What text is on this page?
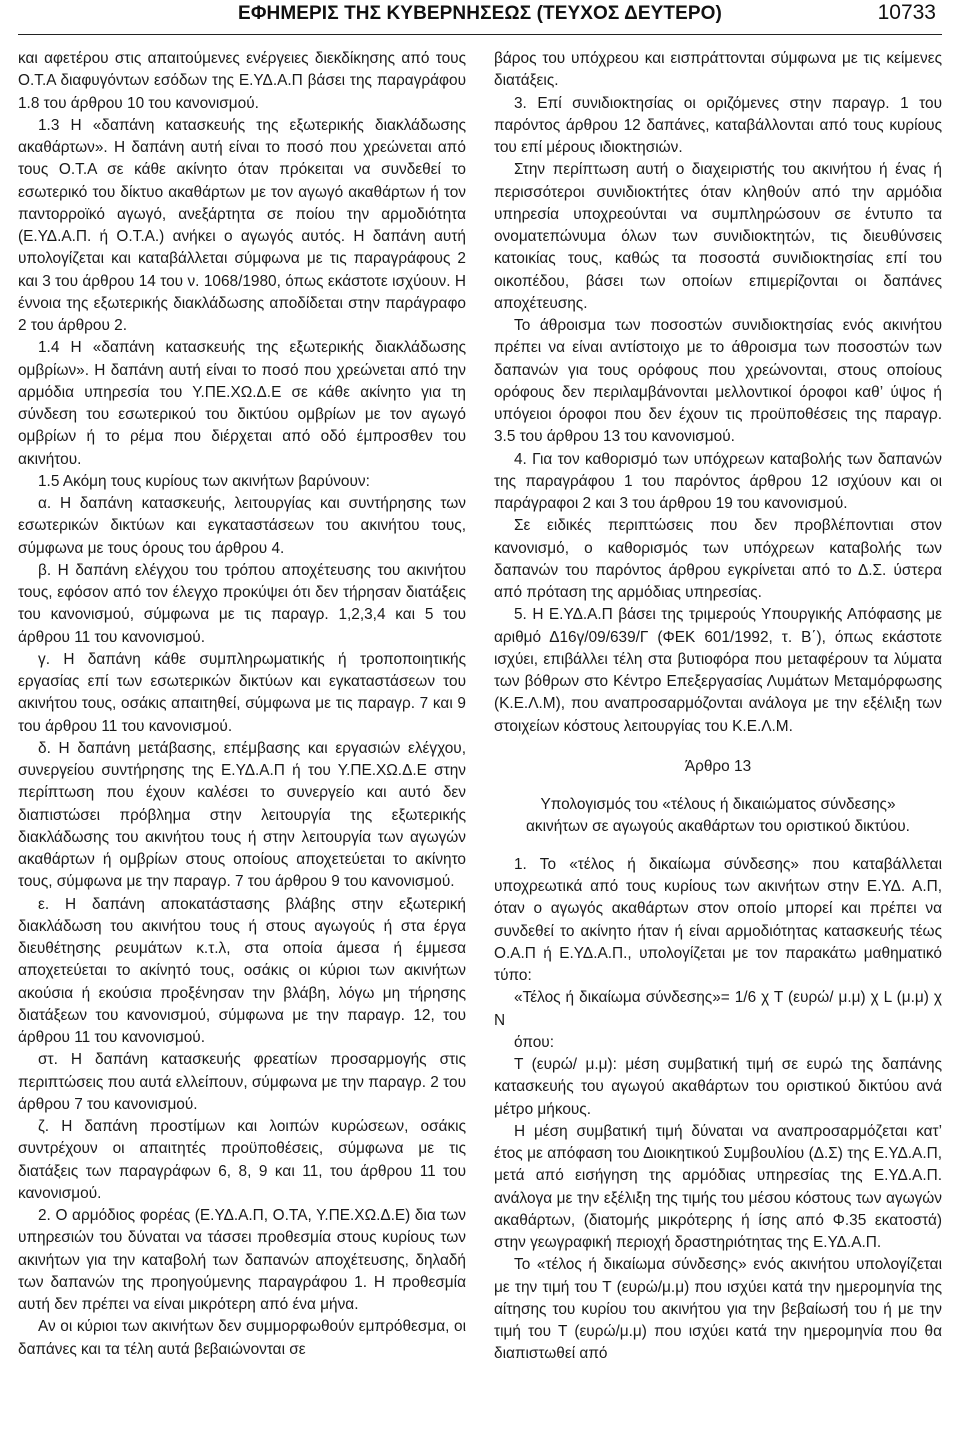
ΕΦΗΜΕΡΙΣ ΤΗΣ ΚΥΒΕΡΝΗΣΕΩΣ (ΤΕΥΧΟΣ ΔΕΥΤΕΡΟ)	10733

και αφετέρου στις απαιτούμενες ενέργειες διεκδίκησης από τους Ο.Τ.Α διαφυγόντων εσόδων της Ε.ΥΔ.Α.Π βάσει της παραγράφου 1.8 του άρθρου 10 του κανονισμού.

1.3 Η «δαπάνη κατασκευής της εξωτερικής διακλάδωσης ακαθάρτων». Η δαπάνη αυτή είναι το ποσό που χρεώνεται από τους Ο.Τ.Α σε κάθε ακίνητο όταν πρόκειται να συνδεθεί το εσωτερικό του δίκτυο ακαθάρτων με τον αγωγό ακαθάρτων ή τον παντορροϊκό αγωγό, ανεξάρτητα σε ποίου την αρμοδιότητα (Ε.ΥΔ.Α.Π. ή Ο.Τ.Α.) ανήκει ο αγωγός αυτός. Η δαπάνη αυτή υπολογίζεται και καταβάλλεται σύμφωνα με τις παραγράφους 2 και 3 του άρθρου 14 του ν. 1068/1980, όπως εκάστοτε ισχύουν. Η έννοια της εξωτερικής διακλάδωσης αποδίδεται στην παράγραφο 2 του άρθρου 2.

1.4 Η «δαπάνη κατασκευής της εξωτερικής διακλάδωσης ομβρίων». Η δαπάνη αυτή είναι το ποσό που χρεώνεται από την αρμόδια υπηρεσία του Υ.ΠΕ.ΧΩ.Δ.Ε σε κάθε ακίνητο για τη σύνδεση του εσωτερικού του δικτύου ομβρίων με τον αγωγό ομβρίων ή το ρέμα που διέρχεται από οδό έμπροσθεν του ακινήτου.

1.5 Ακόμη τους κυρίους των ακινήτων βαρύνουν:

α. Η δαπάνη κατασκευής, λειτουργίας και συντήρησης των εσωτερικών δικτύων και εγκαταστάσεων του ακινήτου τους, σύμφωνα με τους όρους του άρθρου 4.

β. Η δαπάνη ελέγχου του τρόπου αποχέτευσης του ακινήτου τους, εφόσον από τον έλεγχο προκύψει ότι δεν τήρησαν διατάξεις του κανονισμού, σύμφωνα με τις παραγρ. 1,2,3,4 και 5 του άρθρου 11 του κανονισμού.

γ. Η δαπάνη κάθε συμπληρωματικής ή τροποποιητικής εργασίας επί των εσωτερικών δικτύων και εγκαταστάσεων του ακινήτου τους, οσάκις απαιτηθεί, σύμφωνα με τις παραγρ. 7 και 9 του άρθρου 11 του κανονισμού.

δ. Η δαπάνη μετάβασης, επέμβασης και εργασιών ελέγχου, συνεργείου συντήρησης της Ε.ΥΔ.Α.Π ή του Υ.ΠΕ.ΧΩ.Δ.Ε στην περίπτωση που έχουν καλέσει το συνεργείο και αυτό δεν διαπιστώσει πρόβλημα στην λειτουργία της εξωτερικής διακλάδωσης του ακινήτου τους ή στην λειτουργία των αγωγών ακαθάρτων ή ομβρίων στους οποίους αποχετεύεται το ακίνητο τους, σύμφωνα με την παραγρ. 7 του άρθρου 9 του κανονισμού.

ε. Η δαπάνη αποκατάστασης βλάβης στην εξωτερική διακλάδωση του ακινήτου τους ή στους αγωγούς ή στα έργα διευθέτησης ρευμάτων κ.τ.λ, στα οποία άμεσα ή έμμεσα αποχετεύεται το ακίνητό τους, οσάκις οι κύριοι των ακινήτων ακούσια ή εκούσια προξένησαν την βλάβη, λόγω μη τήρησης διατάξεων του κανονισμού, σύμφωνα με την παραγρ. 12, του άρθρου 11 του κανονισμού.

στ. Η δαπάνη κατασκευής φρεατίων προσαρμογής στις περιπτώσεις που αυτά ελλείπουν, σύμφωνα με την παραγρ. 2 του άρθρου 7 του κανονισμού.

ζ. Η δαπάνη προστίμων και λοιπών κυρώσεων, οσάκις συντρέχουν οι απαιτητές προϋποθέσεις, σύμφωνα με τις διατάξεις των παραγράφων 6, 8, 9 και 11, του άρθρου 11 του κανονισμού.

2. Ο αρμόδιος φορέας (Ε.ΥΔ.Α.Π, Ο.ΤΑ, Υ.ΠΕ.ΧΩ.Δ.Ε) δια των υπηρεσιών του δύναται να τάσσει προθεσμία στους κυρίους των ακινήτων για την καταβολή των δαπανών αποχέτευσης, δηλαδή των δαπανών της προηγούμενης παραγράφου 1. Η προθεσμία αυτή δεν πρέπει να είναι μικρότερη από ένα μήνα.

Αν οι κύριοι των ακινήτων δεν συμμορφωθούν εμπρόθεσμα, οι δαπάνες και τα τέλη αυτά βεβαιώνονται σε

βάρος του υπόχρεου και εισπράττονται σύμφωνα με τις κείμενες διατάξεις.

3. Επί συνιδιοκτησίας οι οριζόμενες στην παραγρ. 1 του παρόντος άρθρου 12 δαπάνες, καταβάλλονται από τους κυρίους του επί μέρους ιδιοκτησιών.

Στην περίπτωση αυτή ο διαχειριστής του ακινήτου ή ένας ή περισσότεροι συνιδιοκτήτες όταν κληθούν από την αρμόδια υπηρεσία υποχρεούνται να συμπληρώσουν σε έντυπο τα ονοματεπώνυμα όλων των συνιδιοκτητών, τις διευθύνσεις κατοικίας τους, καθώς τα ποσοστά συνιδιοκτησίας επί του οικοπέδου, βάσει των οποίων επιμερίζονται οι δαπάνες αποχέτευσης.

Το άθροισμα των ποσοστών συνιδιοκτησίας ενός ακινήτου πρέπει να είναι αντίστοιχο με το άθροισμα των ποσοστών των δαπανών για τους ορόφους που χρεώνονται, στους οποίους ορόφους δεν περιλαμβάνονται μελλοντικοί όροφοι καθ’ ύψος ή υπόγειοι όροφοι που δεν έχουν τις προϋποθέσεις της παραγρ. 3.5 του άρθρου 13 του κανονισμού.

4. Για τον καθορισμό των υπόχρεων καταβολής των δαπανών της παραγράφου 1 του παρόντος άρθρου 12 ισχύουν και οι παράγραφοι 2 και 3 του άρθρου 19 του κανονισμού.

Σε ειδικές περιπτώσεις που δεν προβλέποντιαι στον κανονισμό, ο καθορισμός των υπόχρεων καταβολής των δαπανών του παρόντος άρθρου εγκρίνεται από το Δ.Σ. ύστερα από πρόταση της αρμόδιας υπηρεσίας.

5. Η Ε.ΥΔ.Α.Π βάσει της τριμερούς Υπουργικής Απόφασης με αριθμό Δ16γ/09/639/Γ (ΦΕΚ 601/1992, τ. Β΄), όπως εκάστοτε ισχύει, επιβάλλει τέλη στα βυτιοφόρα που μεταφέρουν τα λύματα των βόθρων στο Κέντρο Επεξεργασίας Λυμάτων Μεταμόρφωσης (Κ.Ε.Λ.Μ), που αναπροσαρμόζονται ανάλογα με την εξέλιξη των στοιχείων κόστους λειτουργίας του Κ.Ε.Λ.Μ.

Άρθρο 13
Υπολογισμός του «τέλους ή δικαιώματος σύνδεσης» ακινήτων σε αγωγούς ακαθάρτων του οριστικού δικτύου.

1. Το «τέλος ή δικαίωμα σύνδεσης» που καταβάλλεται υποχρεωτικά από τους κυρίους των ακινήτων στην Ε.ΥΔ. Α.Π, όταν ο αγωγός ακαθάρτων στον οποίο μπορεί και πρέπει να συνδεθεί το ακίνητο ήταν ή είναι αρμοδιότητας κατασκευής τέως Ο.Α.Π ή Ε.ΥΔ.Α.Π., υπολογίζεται με τον παρακάτω μαθηματικό τύπο:

«Τέλος ή δικαίωμα σύνδεσης»= 1/6 χ Τ (ευρώ/ μ.μ) χ L (μ.μ) χ Ν

όπου:

Τ (ευρώ/ μ.μ): μέση συμβατική τιμή σε ευρώ της δαπάνης κατασκευής του αγωγού ακαθάρτων του οριστικού δικτύου ανά μέτρο μήκους.

Η μέση συμβατική τιμή δύναται να αναπροσαρμόζεται κατ’ έτος με απόφαση του Διοικητικού Συμβουλίου (Δ.Σ) της Ε.ΥΔ.Α.Π, μετά από εισήγηση της αρμόδιας υπηρεσίας της Ε.ΥΔ.Α.Π. ανάλογα με την εξέλιξη της τιμής του μέσου κόστους των αγωγών ακαθάρτων, (διατομής μικρότερης ή ίσης από Φ.35 εκατοστά) στην γεωγραφική περιοχή δραστηριότητας της Ε.ΥΔ.Α.Π.

Το «τέλος ή δικαίωμα σύνδεσης» ενός ακινήτου υπολογίζεται με την τιμή του Τ (ευρώ/μ.μ) που ισχύει κατά την ημερομηνία της αίτησης του κυρίου του ακινήτου για την βεβαίωσή του ή με την τιμή του Τ (ευρώ/μ.μ) που ισχύει κατά την ημερομηνία που θα διαπιστωθεί από
